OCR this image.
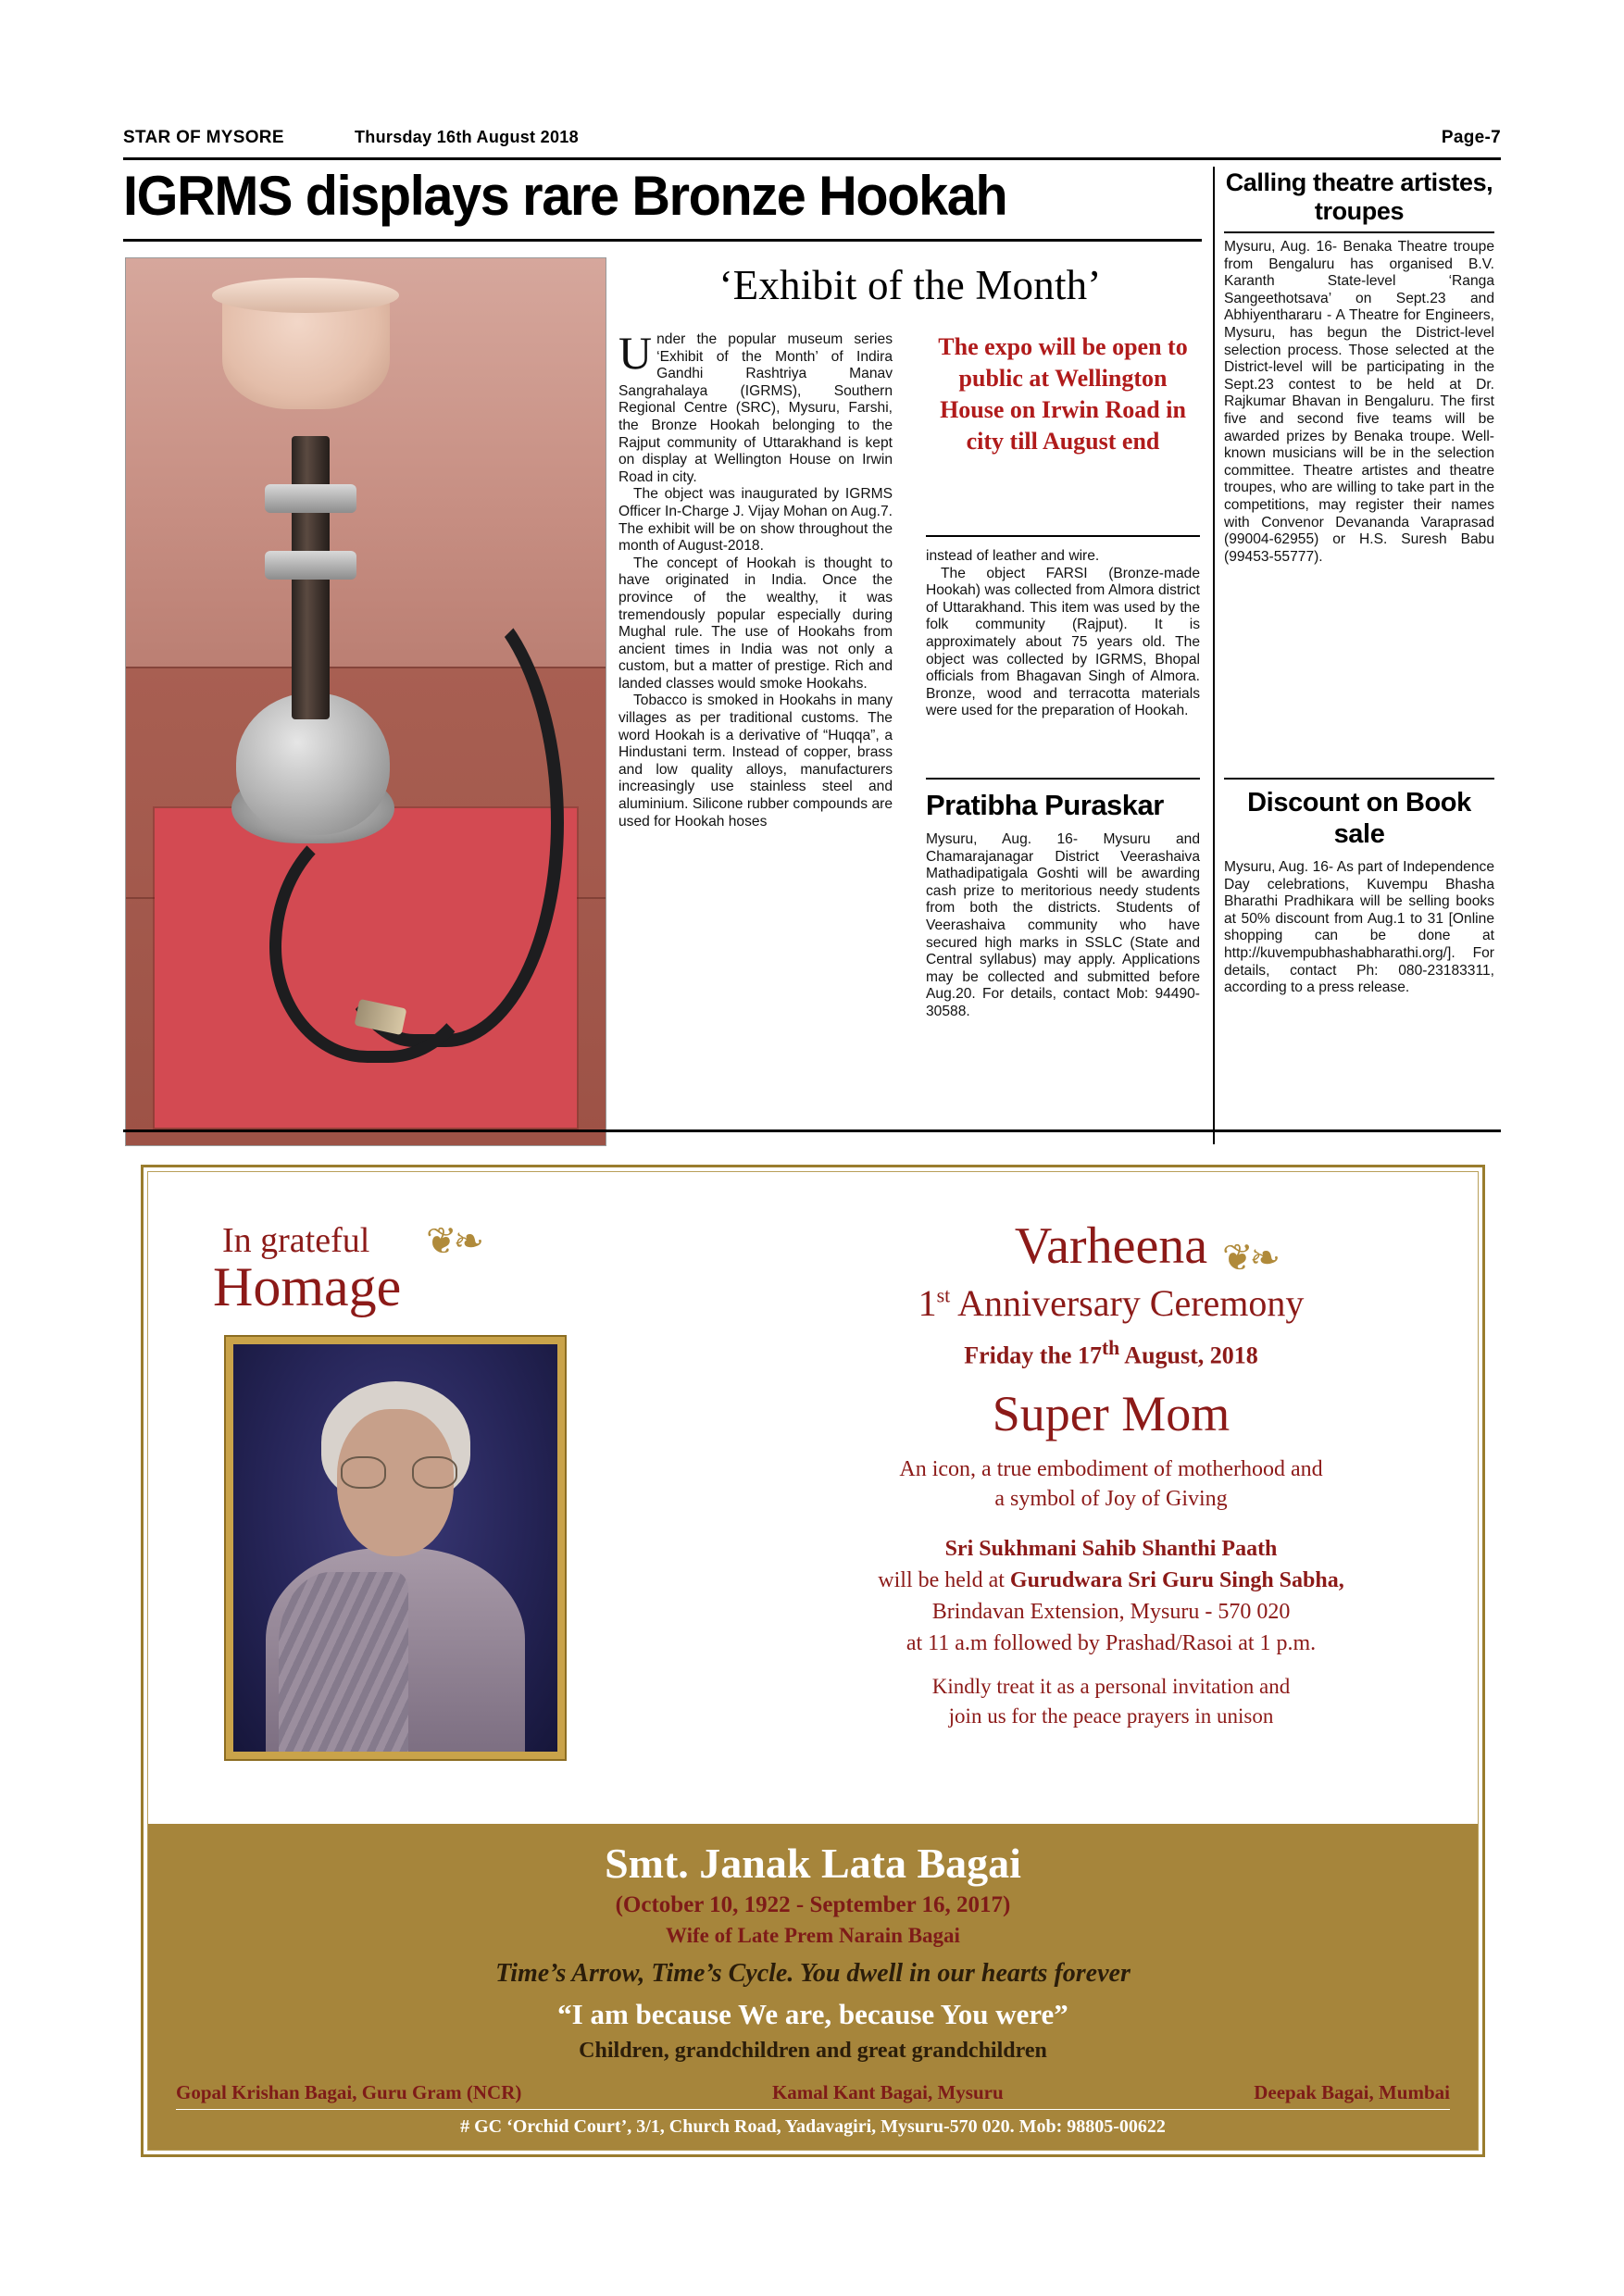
STAR OF MYSORE	Thursday 16th August 2018	Page-7
IGRMS displays rare Bronze Hookah
‘Exhibit of the Month’

Under the popular museum series ‘Exhibit of the Month’ of Indira Gandhi Rashtriya Manav Sangrahalaya (IGRMS), Southern Regional Centre (SRC), Mysuru, Farshi, the Bronze Hookah belonging to the Rajput community of Uttarakhand is kept on display at Wellington House on Irwin Road in city.

The object was inaugurated by IGRMS Officer In-Charge J. Vijay Mohan on Aug.7. The exhibit will be on show throughout the month of August-2018.

The concept of Hookah is thought to have originated in India. Once the province of the wealthy, it was tremendously popular especially during Mughal rule. The use of Hookahs from ancient times in India was not only a custom, but a matter of prestige. Rich and landed classes would smoke Hookahs.

Tobacco is smoked in Hookahs in many villages as per traditional customs. The word Hookah is a derivative of “Huqqa”, a Hindustani term. Instead of copper, brass and low quality alloys, manufacturers increasingly use stainless steel and aluminium. Silicone rubber compounds are used for Hookah hoses

The expo will be open to public at Wellington House on Irwin Road in city till August end

instead of leather and wire.

The object FARSI (Bronze-made Hookah) was collected from Almora district of Uttarakhand. This item was used by the folk community (Rajput). It is approximately about 75 years old. The object was collected by IGRMS, Bhopal officials from Bhagavan Singh of Almora. Bronze, wood and terracotta materials were used for the preparation of Hookah.

Pratibha Puraskar

Mysuru, Aug. 16- Mysuru and Chamarajanagar District Veerashaiva Mathadipatigala Goshti will be awarding cash prize to meritorious needy students from both the districts. Students of Veerashaiva community who have secured high marks in SSLC (State and Central syllabus) may apply. Applications may be collected and submitted before Aug.20. For details, contact Mob: 94490-30588.

Calling theatre artistes, troupes

Mysuru, Aug. 16- Benaka Theatre troupe from Bengaluru has organised B.V. Karanth State-level ‘Ranga Sangeethotsava’ on Sept.23 and Abhiyenthararu - A Theatre for Engineers, Mysuru, has begun the District-level selection process. Those selected at the District-level will be participating in the Sept.23 contest to be held at Dr. Rajkumar Bhavan in Bengaluru. The first five and second five teams will be awarded prizes by Benaka troupe. Well-known musicians will be in the selection committee. Theatre artistes and theatre troupes, who are willing to take part in the competitions, may register their names with Convenor Devananda Varaprasad (99004-62955) or H.S. Suresh Babu (99453-55777).

Discount on Book sale

Mysuru, Aug. 16- As part of Independence Day celebrations, Kuvempu Bhasha Bharathi Pradhikara will be selling books at 50% discount from Aug.1 to 31 [Online shopping can be done at http://kuvempubhashabharathi.org/]. For details, contact Ph: 080-23183311, according to a press release.

In grateful ❦❧
Homage
Varheena ❦❧
1st Anniversary Ceremony
Friday the 17th August, 2018
Super Mom
An icon, a true embodiment of motherhood and
a symbol of Joy of Giving
Sri Sukhmani Sahib Shanthi Paath
will be held at Gurudwara Sri Guru Singh Sabha,
Brindavan Extension, Mysuru - 570 020
at 11 a.m followed by Prashad/Rasoi at 1 p.m.
Kindly treat it as a personal invitation and
join us for the peace prayers in unison
Smt. Janak Lata Bagai
(October 10, 1922 - September 16, 2017)
Wife of Late Prem Narain Bagai
Time’s Arrow, Time’s Cycle. You dwell in our hearts forever
“I am because We are, because You were”
Children, grandchildren and great grandchildren
Gopal Krishan Bagai, Guru Gram (NCR)	Kamal Kant Bagai, Mysuru	Deepak Bagai, Mumbai
# GC ‘Orchid Court’, 3/1, Church Road, Yadavagiri, Mysuru-570 020. Mob: 98805-00622
